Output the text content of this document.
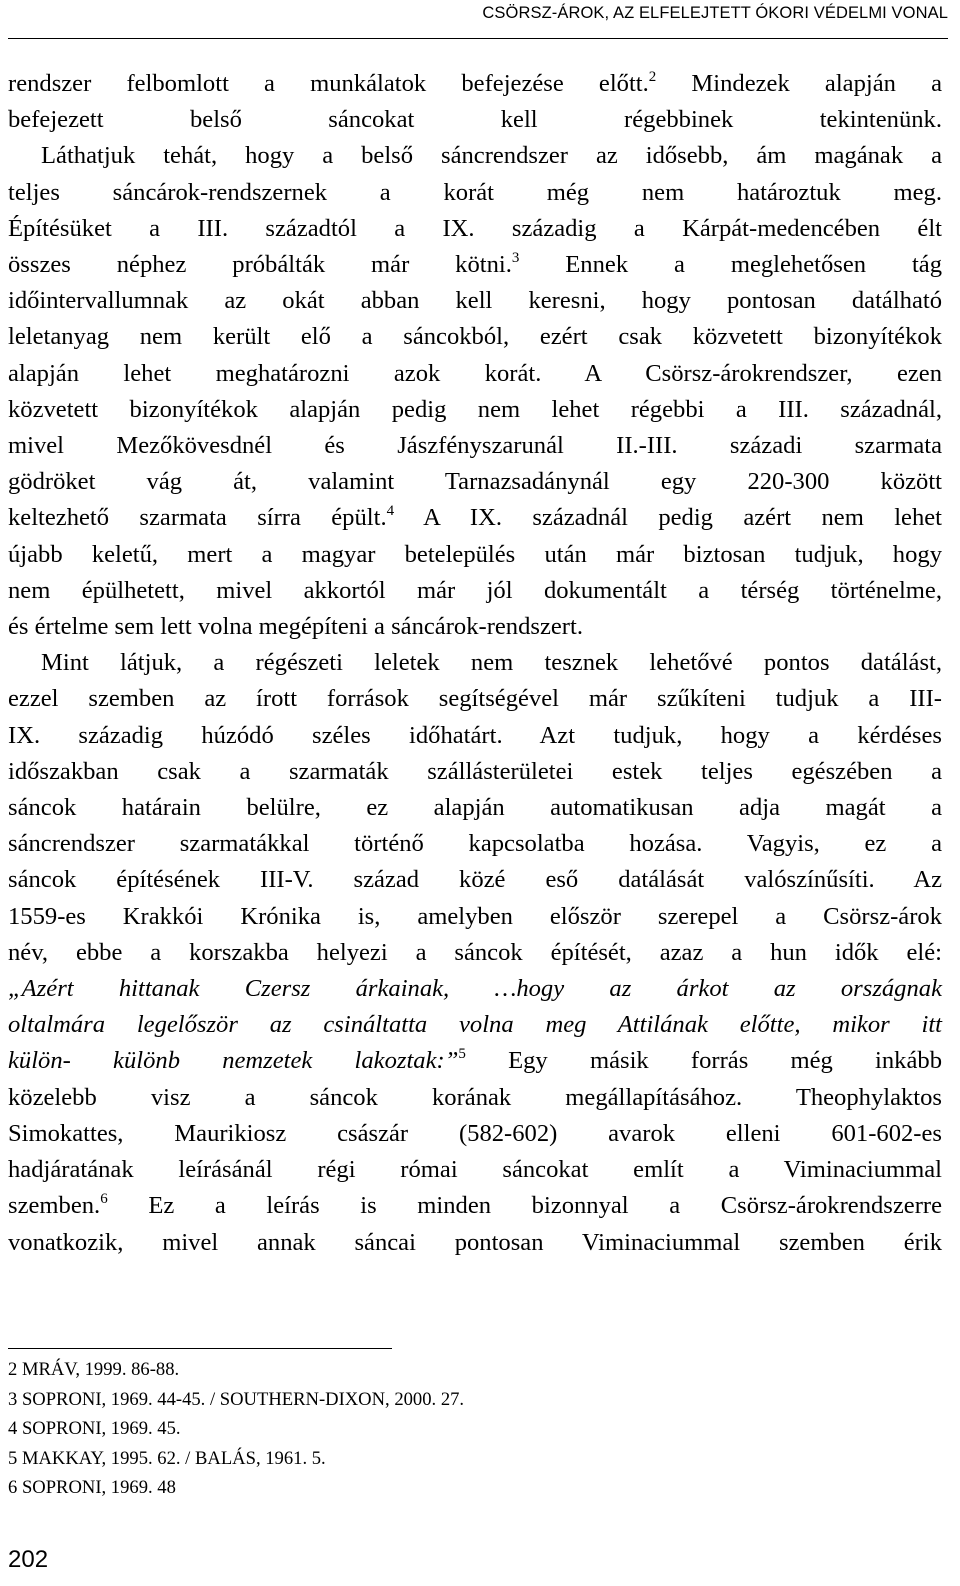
CSÖRSZ-ÁROK, AZ ELFELEJTETT ÓKORI VÉDELMI VONAL
rendszer felbomlott a munkálatok befejezése előtt.$^2$ Mindezek alapján a
befejezett belső sáncokat kell régebbinek tekintenünk.
Láthatjuk tehát, hogy a belső sáncrendszer az idősebb, ám magának a
teljes sáncárok-rendszernek a korát még nem határoztuk meg.
Építésüket a III. századtól a IX. századig a Kárpát-medencében élt
összes néphez próbálták már kötni.$^3$ Ennek a meglehetősen tág
időintervallumnak az okát abban kell keresni, hogy pontosan datálható
leletanyag nem került elő a sáncokból, ezért csak közvetett bizonyítékok
alapján lehet meghatározni azok korát. A Csörsz-árokrendszer, ezen
közvetett bizonyítékok alapján pedig nem lehet régebbi a III. századnál,
mivel Mezőkövesdnél és Jászfényszarunál II.-III. századi szarmata
gödröket vág át, valamint Tarnazsadánynál egy 220-300 között
keltezhető szarmata sírra épült.$^4$ A IX. századnál pedig azért nem lehet
újabb keletű, mert a magyar betelepülés után már biztosan tudjuk, hogy
nem épülhetett, mivel akkortól már jól dokumentált a térség történelme,
és értelme sem lett volna megépíteni a sáncárok-rendszert.
Mint látjuk, a régészeti leletek nem tesznek lehetővé pontos datálást,
ezzel szemben az írott források segítségével már szűkíteni tudjuk a III-
IX. századig húzódó széles időhatárt. Azt tudjuk, hogy a kérdéses
időszakban csak a szarmaták szállásterületei estek teljes egészében a
sáncok határain belülre, ez alapján automatikusan adja magát a
sáncrendszer szarmatákkal történő kapcsolatba hozása. Vagyis, ez a
sáncok építésének III-V. század közé eső datálását valószínűsíti. Az
1559-es Krakkói Krónika is, amelyben először szerepel a Csörsz-árok
név, ebbe a korszakba helyezi a sáncok építését, azaz a hun idők elé:
„Azért hittanak Czersz árkainak, …hogy az árkot az országnak
oltalmára legelőször az csináltatta volna meg Attilának előtte, mikor itt
külön- különb nemzetek lakoztak:”$^5$ Egy másik forrás még inkább
közelebb visz a sáncok korának megállapításához. Theophylaktos
Simokattes, Maurikiosz császár (582-602) avarok elleni 601-602-es
hadjáratának leírásánál régi római sáncokat említ a Viminaciummal
szemben.$^6$ Ez a leírás is minden bizonnyal a Csörsz-árokrendszerre
vonatkozik, mivel annak sáncai pontosan Viminaciummal szemben érik
2 MRÁV, 1999. 86-88.
3 SOPRONI, 1969. 44-45. / SOUTHERN-DIXON, 2000. 27.
4 SOPRONI, 1969. 45.
5 MAKKAY, 1995. 62. / BALÁS, 1961. 5.
6 SOPRONI, 1969. 48
202
